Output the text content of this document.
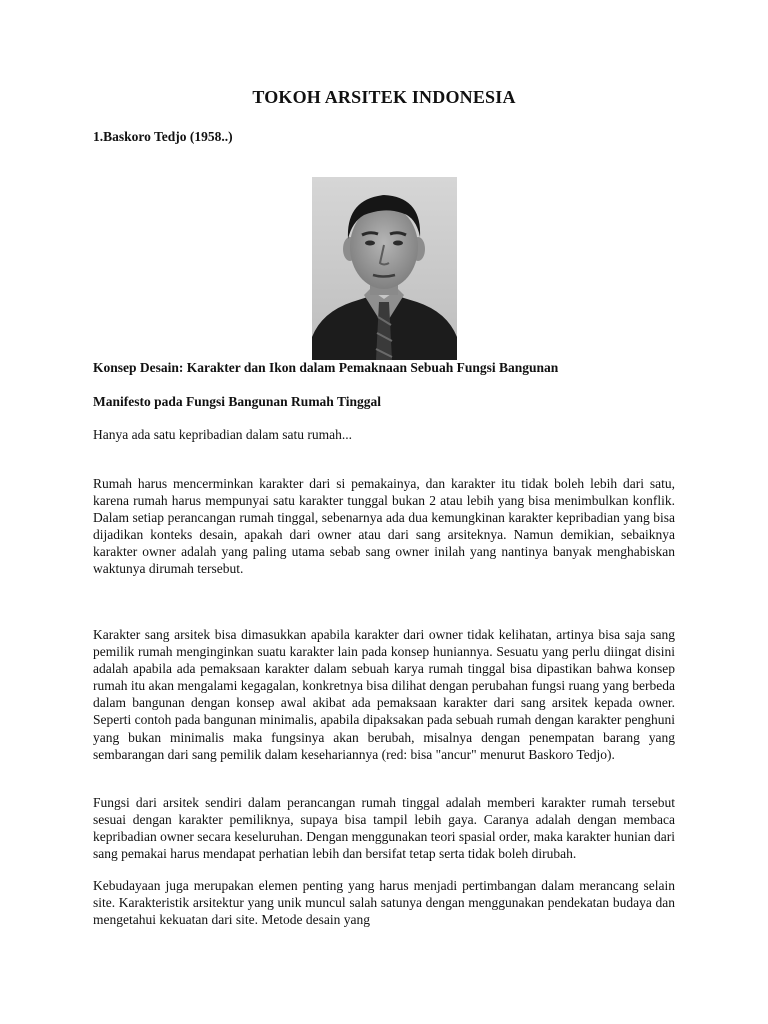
TOKOH ARSITEK INDONESIA
1.Baskoro Tedjo (1958..)
Konsep Desain: Karakter dan Ikon dalam Pemaknaan Sebuah Fungsi Bangunan
Manifesto pada Fungsi Bangunan Rumah Tinggal
Hanya ada satu kepribadian dalam satu rumah...

Rumah harus mencerminkan karakter dari si pemakainya, dan karakter itu tidak boleh lebih dari satu, karena rumah harus mempunyai satu karakter tunggal bukan 2 atau lebih yang bisa menimbulkan konflik. Dalam setiap perancangan rumah tinggal, sebenarnya ada dua kemungkinan karakter kepribadian yang bisa dijadikan konteks desain, apakah dari owner atau dari sang arsiteknya. Namun demikian, sebaiknya karakter owner adalah yang paling utama sebab sang owner inilah yang nantinya banyak menghabiskan waktunya dirumah tersebut.

Karakter sang arsitek bisa dimasukkan apabila karakter dari owner tidak kelihatan, artinya bisa saja sang pemilik rumah menginginkan suatu karakter lain pada konsep huniannya. Sesuatu yang perlu diingat disini adalah apabila ada pemaksaan karakter dalam sebuah karya rumah tinggal bisa dipastikan bahwa konsep rumah itu akan mengalami kegagalan, konkretnya bisa dilihat dengan perubahan fungsi ruang yang berbeda dalam bangunan dengan konsep awal akibat ada pemaksaan karakter dari sang arsitek kepada owner. Seperti contoh pada bangunan minimalis, apabila dipaksakan pada sebuah rumah dengan karakter penghuni yang bukan minimalis maka fungsinya akan berubah, misalnya dengan penempatan barang yang sembarangan dari sang pemilik dalam kesehariannya (red: bisa "ancur" menurut Baskoro Tedjo).

Fungsi dari arsitek sendiri dalam perancangan rumah tinggal adalah memberi karakter rumah tersebut sesuai dengan karakter pemiliknya, supaya bisa tampil lebih gaya. Caranya adalah dengan membaca kepribadian owner secara keseluruhan. Dengan menggunakan teori spasial order, maka karakter hunian dari sang pemakai harus mendapat perhatian lebih dan bersifat tetap serta tidak boleh dirubah.

Kebudayaan juga merupakan elemen penting yang harus menjadi pertimbangan dalam merancang selain site. Karakteristik arsitektur yang unik muncul salah satunya dengan menggunakan pendekatan budaya dan mengetahui kekuatan dari site. Metode desain yang
